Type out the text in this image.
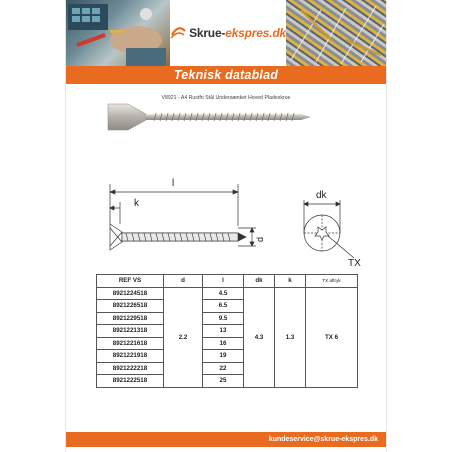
Skrue-ekspres.dk
Teknisk datablad
V8921 - A4 Rustfri Stål Undersænket Hoved Pladeskrue
l
k
d
dk
TX
REF VS	d	l	dk	k	TX aftryk
8921224518	2.2	4.5	4.3	1.3	TX 6
8921226518		6.5			
8921229518		9.5			
8921221318		13			
8921221618		16			
8921221918		19			
8921222218		22			
8921222518		25			
kundeservice@skrue-ekspres.dk
